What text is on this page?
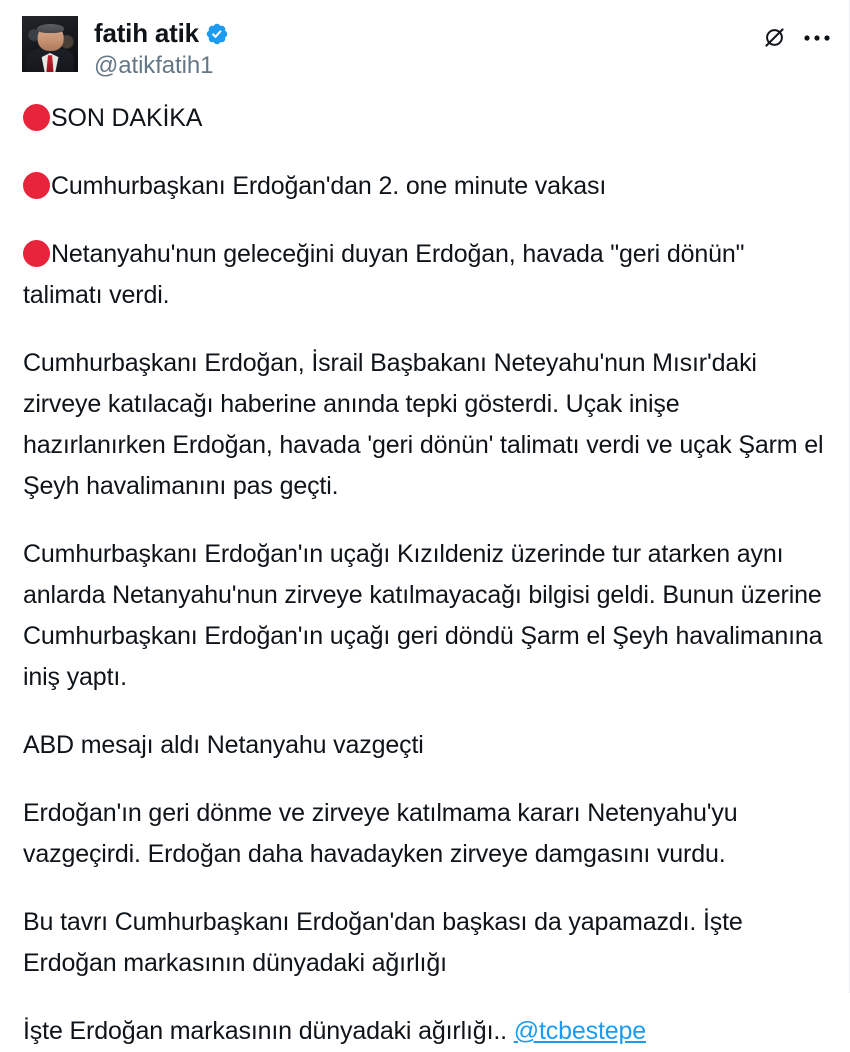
fatih atik
@atikfatih1

SON DAKİKA

Cumhurbaşkanı Erdoğan'dan 2. one minute vakası

Netanyahu'nun geleceğini duyan Erdoğan, havada "geri dönün" talimatı verdi.

Cumhurbaşkanı Erdoğan, İsrail Başbakanı Neteyahu'nun Mısır'daki zirveye katılacağı haberine anında tepki gösterdi. Uçak inişe hazırlanırken Erdoğan, havada 'geri dönün' talimatı verdi ve uçak Şarm el Şeyh havalimanını pas geçti.

Cumhurbaşkanı Erdoğan'ın uçağı Kızıldeniz üzerinde tur atarken aynı anlarda Netanyahu'nun zirveye katılmayacağı bilgisi geldi. Bunun üzerine Cumhurbaşkanı Erdoğan'ın uçağı geri döndü Şarm el Şeyh havalimanına iniş yaptı.

ABD mesajı aldı Netanyahu vazgeçti

Erdoğan'ın geri dönme ve zirveye katılmama kararı Netenyahu'yu vazgeçirdi. Erdoğan daha havadayken zirveye damgasını vurdu.

Bu tavrı Cumhurbaşkanı Erdoğan'dan başkası da yapamazdı. İşte Erdoğan markasının dünyadaki ağırlığı

İşte Erdoğan markasının dünyadaki ağırlığı.. @tcbestepe
